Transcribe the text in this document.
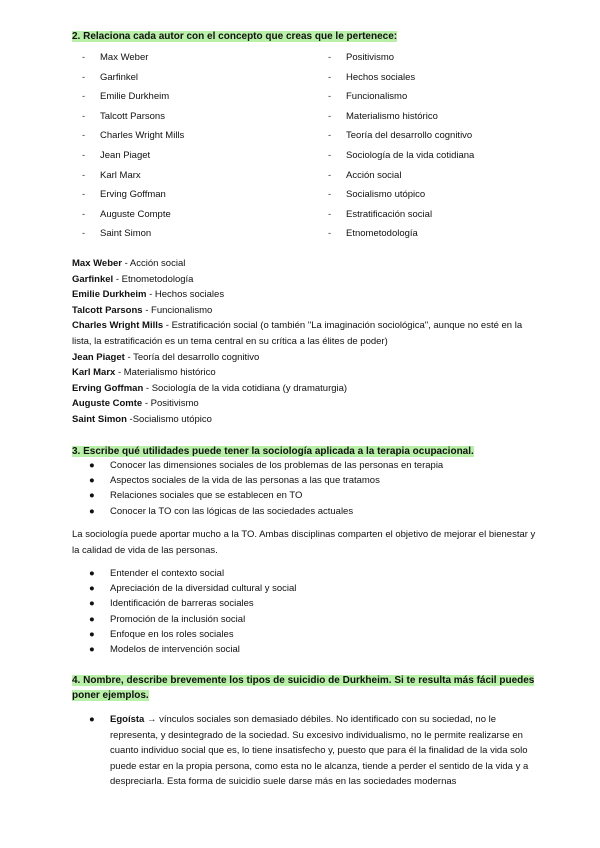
2. Relaciona cada autor con el concepto que creas que le pertenece:
- Max Weber
- Garfinkel
- Emilie Durkheim
- Talcott Parsons
- Charles Wright Mills
- Jean Piaget
- Karl Marx
- Erving Goffman
- Auguste Compte
- Saint Simon
- Positivismo
- Hechos sociales
- Funcionalismo
- Materialismo histórico
- Teoría del desarrollo cognitivo
- Sociología de la vida cotidiana
- Acción social
- Socialismo utópico
- Estratificación social
- Etnometodología
Max Weber - Acción social
Garfinkel - Etnometodología
Emilie Durkheim - Hechos sociales
Talcott Parsons - Funcionalismo
Charles Wright Mills - Estratificación social (o también "La imaginación sociológica", aunque no esté en la lista, la estratificación es un tema central en su crítica a las élites de poder)
Jean Piaget - Teoría del desarrollo cognitivo
Karl Marx - Materialismo histórico
Erving Goffman - Sociología de la vida cotidiana (y dramaturgia)
Auguste Comte - Positivismo
Saint Simon -Socialismo utópico
3. Escribe qué utilidades puede tener la sociología aplicada a la terapia ocupacional.
● Conocer las dimensiones sociales de los problemas de las personas en terapia
● Aspectos sociales de la vida de las personas a las que tratamos
● Relaciones sociales que se establecen en TO
● Conocer la TO con las lógicas de las sociedades actuales
La sociología puede aportar mucho a la TO. Ambas disciplinas comparten el objetivo de mejorar el bienestar y la calidad de vida de las personas.
● Entender el contexto social
● Apreciación de la diversidad cultural y social
● Identificación de barreras sociales
● Promoción de la inclusión social
● Enfoque en los roles sociales
● Modelos de intervención social
4. Nombre, describe brevemente los tipos de suicidio de Durkheim. Si te resulta más fácil puedes
poner ejemplos.
●	Egoísta → vínculos sociales son demasiado débiles. No identificado con su sociedad, no le representa, y desintegrado de la sociedad. Su excesivo individualismo, no le permite realizarse en cuanto individuo social que es, lo tiene insatisfecho y, puesto que para él la finalidad de la vida solo puede estar en la propia persona, como esta no le alcanza, tiende a perder el sentido de la vida y a despreciarla. Esta forma de suicidio suele darse más en las sociedades modernas
